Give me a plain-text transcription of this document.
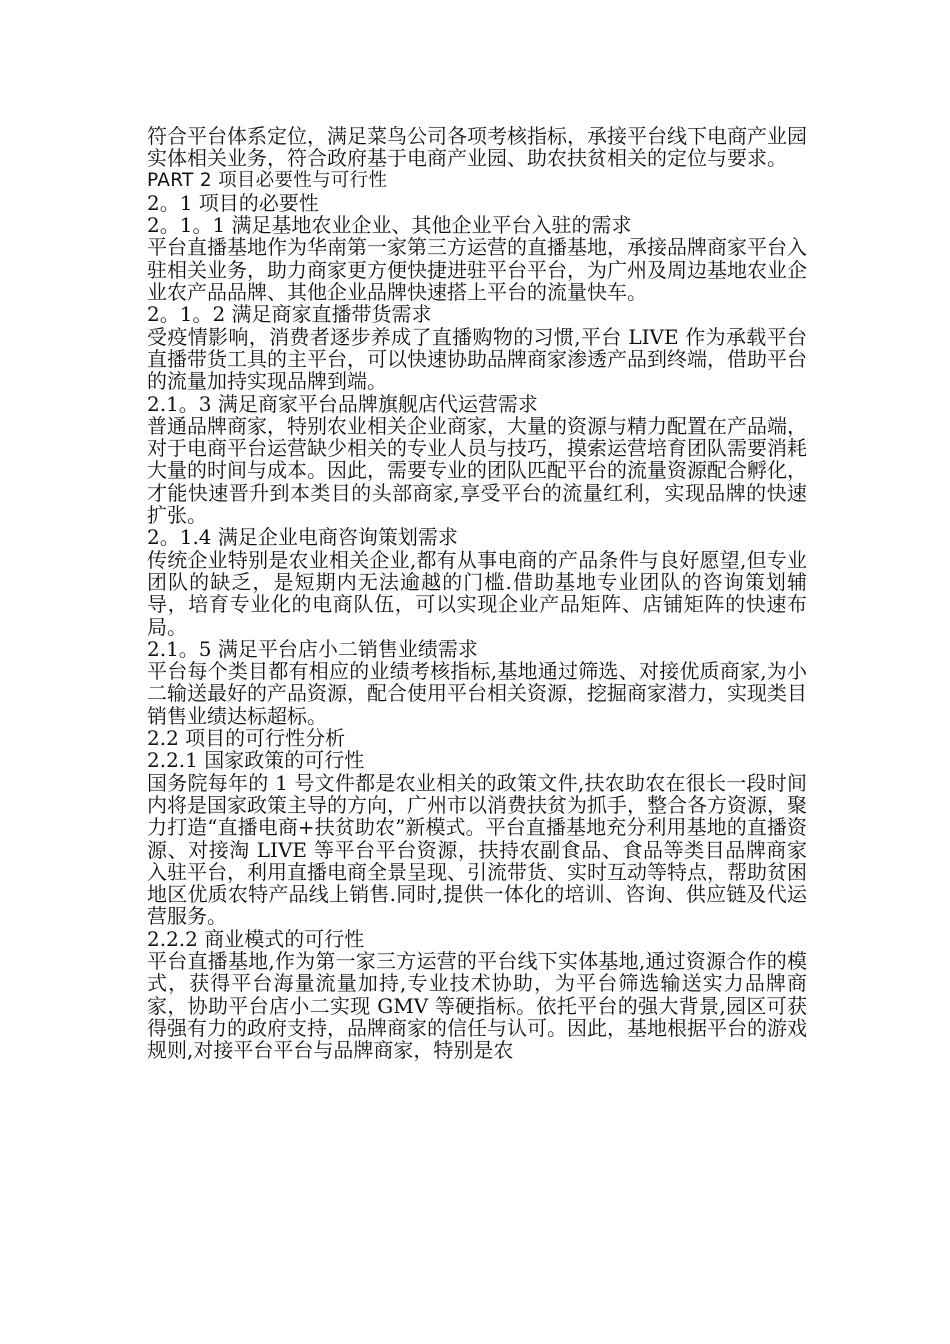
符合平台体系定位，满足菜鸟公司各项考核指标，承接平台线下电商产业园实体相关业务，符合政府基于电商产业园、助农扶贫相关的定位与要求。

PART 2 项目必要性与可行性

2。1 项目的必要性

2。1。1 满足基地农业企业、其他企业平台入驻的需求

平台直播基地作为华南第一家第三方运营的直播基地，承接品牌商家平台入驻相关业务，助力商家更方便快捷进驻平台平台，为广州及周边基地农业企业农产品品牌、其他企业品牌快速搭上平台的流量快车。

2。1。2 满足商家直播带货需求

受疫情影响，消费者逐步养成了直播购物的习惯,平台 LIVE 作为承载平台直播带货工具的主平台，可以快速协助品牌商家渗透产品到终端，借助平台的流量加持实现品牌到端。

2.1。3 满足商家平台品牌旗舰店代运营需求

普通品牌商家，特别农业相关企业商家，大量的资源与精力配置在产品端，对于电商平台运营缺少相关的专业人员与技巧，摸索运营培育团队需要消耗大量的时间与成本。因此，需要专业的团队匹配平台的流量资源配合孵化，才能快速晋升到本类目的头部商家,享受平台的流量红利，实现品牌的快速扩张。

2。1.4 满足企业电商咨询策划需求

传统企业特别是农业相关企业,都有从事电商的产品条件与良好愿望,但专业团队的缺乏，是短期内无法逾越的门槛.借助基地专业团队的咨询策划辅导，培育专业化的电商队伍，可以实现企业产品矩阵、店铺矩阵的快速布局。

2.1。5 满足平台店小二销售业绩需求

平台每个类目都有相应的业绩考核指标,基地通过筛选、对接优质商家,为小二输送最好的产品资源，配合使用平台相关资源，挖掘商家潜力，实现类目销售业绩达标超标。

2.2 项目的可行性分析

2.2.1 国家政策的可行性

国务院每年的 1 号文件都是农业相关的政策文件,扶农助农在很长一段时间内将是国家政策主导的方向，广州市以消费扶贫为抓手，整合各方资源，聚力打造“直播电商+扶贫助农”新模式。平台直播基地充分利用基地的直播资源、对接淘 LIVE 等平台平台资源，扶持农副食品、食品等类目品牌商家入驻平台，利用直播电商全景呈现、引流带货、实时互动等特点，帮助贫困地区优质农特产品线上销售.同时,提供一体化的培训、咨询、供应链及代运营服务。

2.2.2 商业模式的可行性

平台直播基地,作为第一家三方运营的平台线下实体基地,通过资源合作的模式，获得平台海量流量加持,专业技术协助，为平台筛选输送实力品牌商家，协助平台店小二实现 GMV 等硬指标。依托平台的强大背景,园区可获得强有力的政府支持，品牌商家的信任与认可。因此，基地根据平台的游戏规则,对接平台平台与品牌商家，特别是农
